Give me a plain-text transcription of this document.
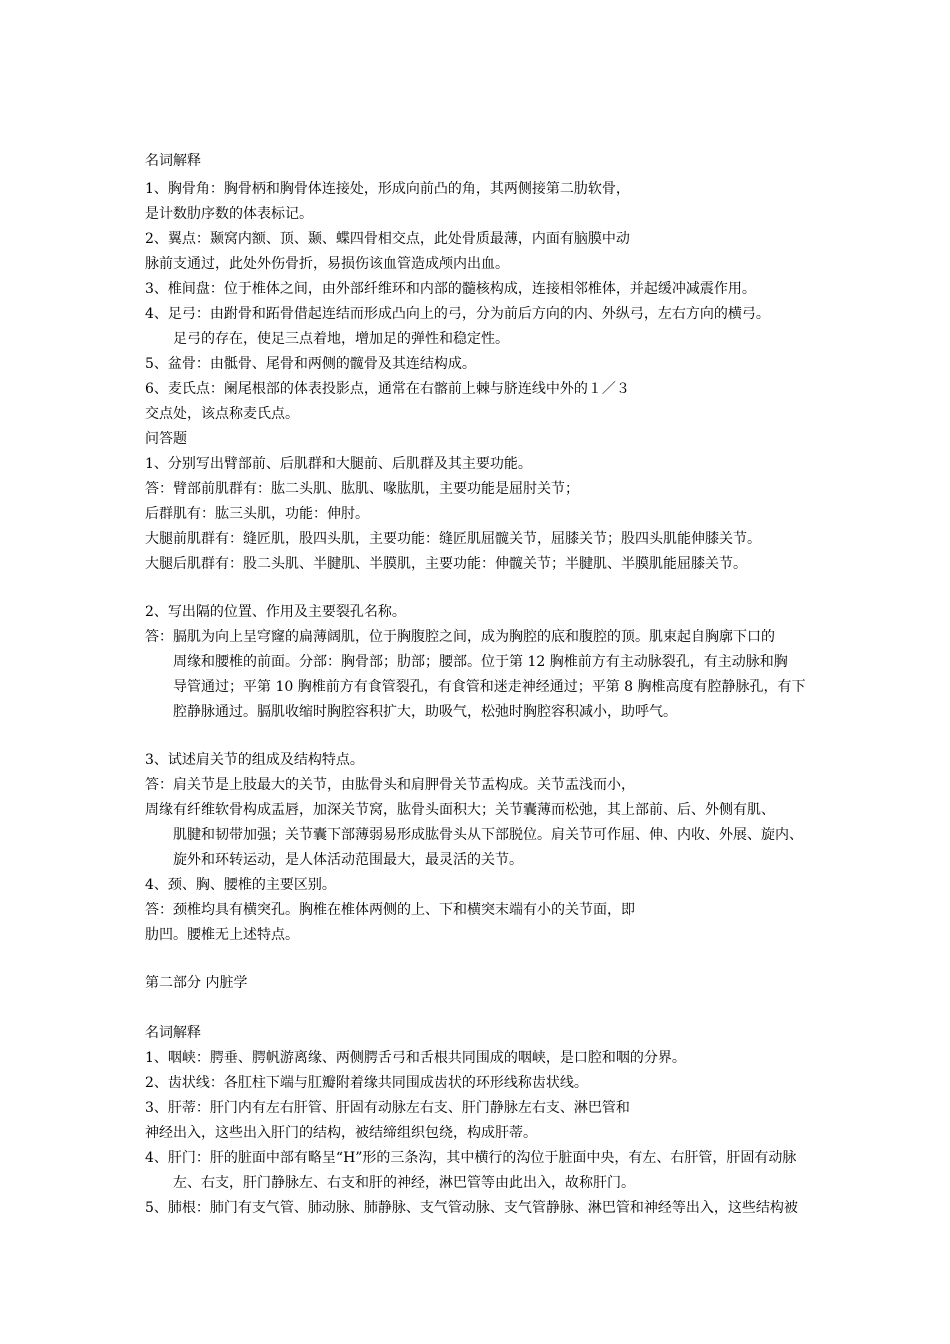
名词解释
1、胸骨角：胸骨柄和胸骨体连接处，形成向前凸的角，其两侧接第二肋软骨，
是计数肋序数的体表标记。
2、翼点：颞窝内额、顶、颞、蝶四骨相交点，此处骨质最薄，内面有脑膜中动
脉前支通过，此处外伤骨折，易损伤该血管造成颅内出血。
3、椎间盘：位于椎体之间，由外部纤维环和内部的髓核构成，连接相邻椎体，并起缓冲减震作用。
4、足弓：由跗骨和跖骨借起连结而形成凸向上的弓，分为前后方向的内、外纵弓，左右方向的横弓。
足弓的存在，使足三点着地，增加足的弹性和稳定性。
5、盆骨：由骶骨、尾骨和两侧的髋骨及其连结构成。
6、麦氏点：阑尾根部的体表投影点，通常在右髂前上棘与脐连线中外的１／３
交点处，该点称麦氏点。
问答题
1、分别写出臂部前、后肌群和大腿前、后肌群及其主要功能。
答：臂部前肌群有：肱二头肌、肱肌、喙肱肌，主要功能是屈肘关节；
后群肌有：肱三头肌，功能：伸肘。
大腿前肌群有：缝匠肌，股四头肌，主要功能：缝匠肌屈髋关节，屈膝关节；股四头肌能伸膝关节。
大腿后肌群有：股二头肌、半腱肌、半膜肌，主要功能：伸髋关节；半腱肌、半膜肌能屈膝关节。
2、写出隔的位置、作用及主要裂孔名称。
答：膈肌为向上呈穹窿的扁薄阔肌，位于胸腹腔之间，成为胸腔的底和腹腔的顶。肌束起自胸廓下口的
周缘和腰椎的前面。分部：胸骨部；肋部；腰部。位于第 12 胸椎前方有主动脉裂孔，有主动脉和胸
导管通过；平第 10 胸椎前方有食管裂孔，有食管和迷走神经通过；平第 8 胸椎高度有腔静脉孔，有下
腔静脉通过。膈肌收缩时胸腔容积扩大，助吸气，松弛时胸腔容积减小，助呼气。
3、试述肩关节的组成及结构特点。
答：肩关节是上肢最大的关节，由肱骨头和肩胛骨关节盂构成。关节盂浅而小，
周缘有纤维软骨构成盂唇，加深关节窝，肱骨头面积大；关节囊薄而松弛，其上部前、后、外侧有肌、
肌腱和韧带加强；关节囊下部薄弱易形成肱骨头从下部脱位。肩关节可作屈、伸、内收、外展、旋内、
旋外和环转运动，是人体活动范围最大，最灵活的关节。
4、颈、胸、腰椎的主要区别。
答：颈椎均具有横突孔。胸椎在椎体两侧的上、下和横突末端有小的关节面，即
肋凹。腰椎无上述特点。
第二部分 内脏学
名词解释
1、咽峡：腭垂、腭帆游离缘、两侧腭舌弓和舌根共同围成的咽峡，是口腔和咽的分界。
2、齿状线：各肛柱下端与肛瓣附着缘共同围成齿状的环形线称齿状线。
3、肝蒂：肝门内有左右肝管、肝固有动脉左右支、肝门静脉左右支、淋巴管和
神经出入，这些出入肝门的结构，被结缔组织包绕，构成肝蒂。
4、肝门：肝的脏面中部有略呈“H”形的三条沟，其中横行的沟位于脏面中央，有左、右肝管，肝固有动脉
左、右支，肝门静脉左、右支和肝的神经，淋巴管等由此出入，故称肝门。
5、肺根：肺门有支气管、肺动脉、肺静脉、支气管动脉、支气管静脉、淋巴管和神经等出入，这些结构被
